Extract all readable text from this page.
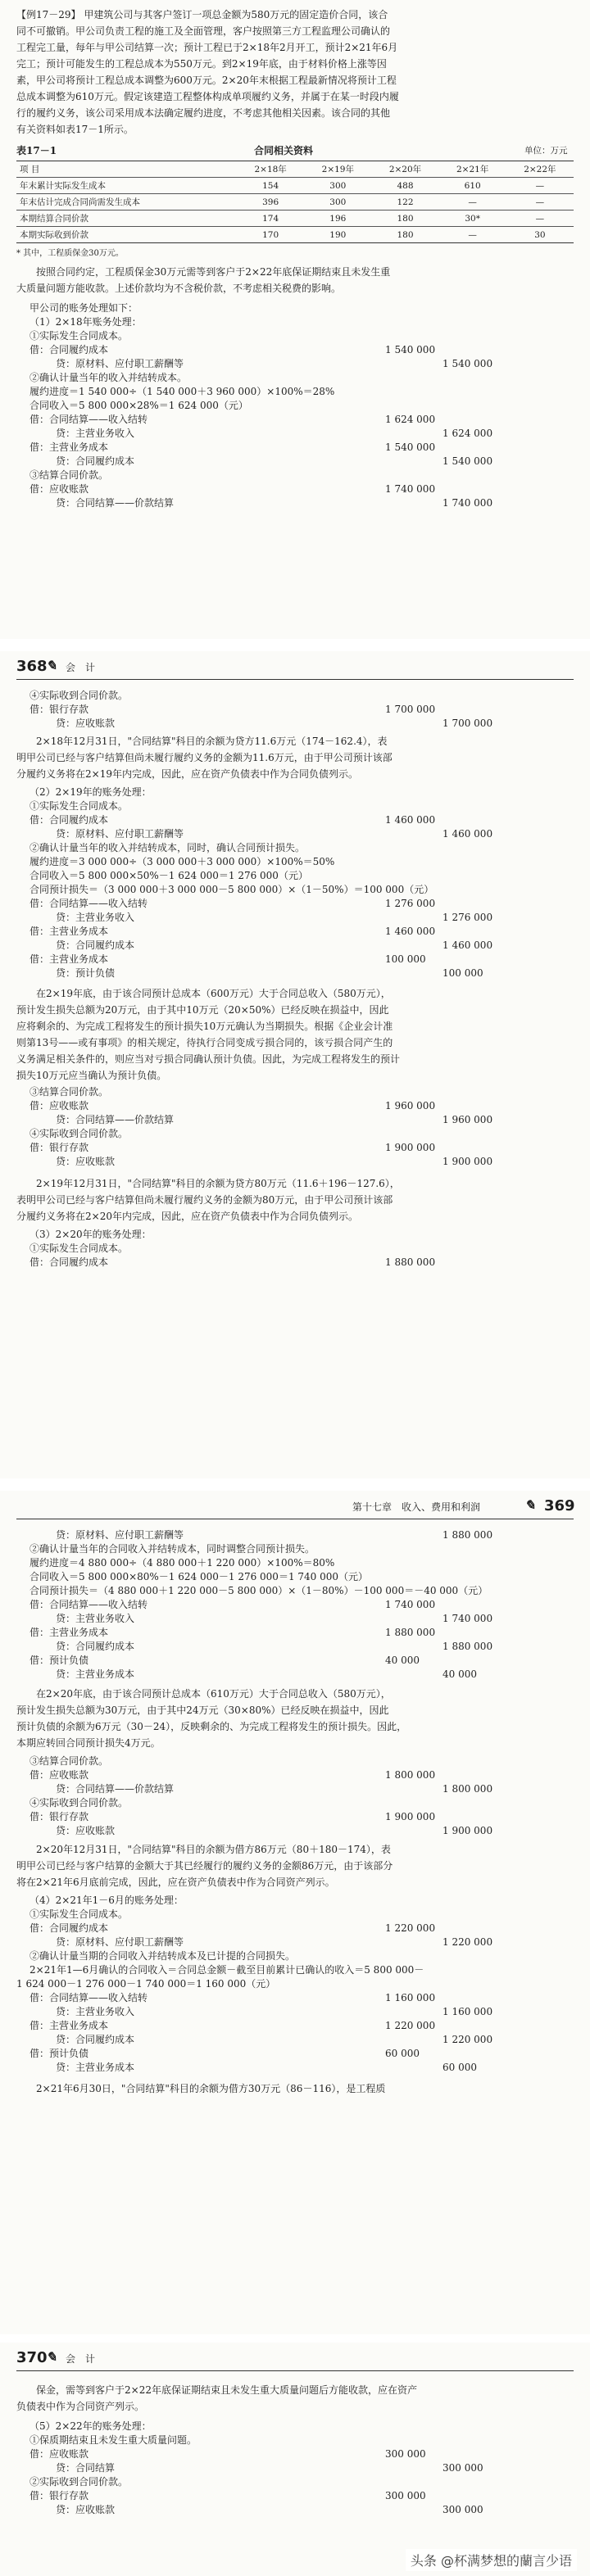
【例17－29】 甲建筑公司与其客户签订一项总金额为580万元的固定造价合同，该合
同不可撤销。甲公司负责工程的施工及全面管理，客户按照第三方工程监理公司确认的
工程完工量，每年与甲公司结算一次；预计工程已于2×18年2月开工，预计2×21年6月
完工；预计可能发生的工程总成本为550万元。到2×19年底，由于材料价格上涨等因
素，甲公司将预计工程总成本调整为600万元。2×20年末根据工程最新情况将预计工程
总成本调整为610万元。假定该建造工程整体构成单项履约义务，并属于在某一时段内履
行的履约义务，该公司采用成本法确定履约进度，不考虑其他相关因素。该合同的其他
有关资料如表17－1所示。
表17－1	合同相关资料	单位：万元
项 目	2×18年	2×19年	2×20年	2×21年	2×22年
年末累计实际发生成本	154	300	488	610	—
年末估计完成合同尚需发生成本	396	300	122	—	—
本期结算合同价款	174	196	180	30*	—
本期实际收到价款	170	190	180	—	30
* 其中，工程质保金30万元。
按照合同约定，工程质保金30万元需等到客户于2×22年底保证期结束且未发生重
大质量问题方能收款。上述价款均为不含税价款，不考虑相关税费的影响。
甲公司的账务处理如下：
（1）2×18年账务处理：
①实际发生合同成本。
借：合同履约成本	1 540 000
贷：原材料、应付职工薪酬等	1 540 000
②确认计量当年的收入并结转成本。
履约进度＝1 540 000÷（1 540 000＋3 960 000）×100%＝28%
合同收入＝5 800 000×28%＝1 624 000（元）
借：合同结算——收入结转	1 624 000
贷：主营业务收入	1 624 000
借：主营业务成本	1 540 000
贷：合同履约成本	1 540 000
③结算合同价款。
借：应收账款	1 740 000
贷：合同结算——价款结算	1 740 000
368
✎ 会　计
④实际收到合同价款。
借：银行存款	1 700 000
贷：应收账款	1 700 000
2×18年12月31日，"合同结算"科目的余额为贷方11.6万元（174－162.4），表
明甲公司已经与客户结算但尚未履行履约义务的金额为11.6万元，由于甲公司预计该部
分履约义务将在2×19年内完成，因此，应在资产负债表中作为合同负债列示。
（2）2×19年的账务处理：
①实际发生合同成本。
借：合同履约成本	1 460 000
贷：原材料、应付职工薪酬等	1 460 000
②确认计量当年的收入并结转成本，同时，确认合同预计损失。
履约进度＝3 000 000÷（3 000 000＋3 000 000）×100%＝50%
合同收入＝5 800 000×50%－1 624 000＝1 276 000（元）
合同预计损失＝（3 000 000＋3 000 000－5 800 000）×（1－50%）＝100 000（元）
借：合同结算——收入结转	1 276 000
贷：主营业务收入	1 276 000
借：主营业务成本	1 460 000
贷：合同履约成本	1 460 000
借：主营业务成本	100 000
贷：预计负债	100 000
在2×19年底，由于该合同预计总成本（600万元）大于合同总收入（580万元），
预计发生损失总额为20万元，由于其中10万元（20×50%）已经反映在损益中，因此
应将剩余的、为完成工程将发生的预计损失10万元确认为当期损失。根据《企业会计准
则第13号——或有事项》的相关规定，待执行合同变成亏损合同的，该亏损合同产生的
义务满足相关条件的，则应当对亏损合同确认预计负债。因此，为完成工程将发生的预计
损失10万元应当确认为预计负债。
③结算合同价款。
借：应收账款	1 960 000
贷：合同结算——价款结算	1 960 000
④实际收到合同价款。
借：银行存款	1 900 000
贷：应收账款	1 900 000
2×19年12月31日，"合同结算"科目的余额为贷方80万元（11.6＋196－127.6），
表明甲公司已经与客户结算但尚未履行履约义务的金额为80万元，由于甲公司预计该部
分履约义务将在2×20年内完成，因此，应在资产负债表中作为合同负债列示。
（3）2×20年的账务处理：
①实际发生合同成本。
借：合同履约成本	1 880 000
第十七章　收入、费用和利润	✎ 369
贷：原材料、应付职工薪酬等	1 880 000
②确认计量当年的合同收入并结转成本，同时调整合同预计损失。
履约进度＝4 880 000÷（4 880 000＋1 220 000）×100%＝80%
合同收入＝5 800 000×80%－1 624 000－1 276 000＝1 740 000（元）
合同预计损失＝（4 880 000＋1 220 000－5 800 000）×（1－80%）－100 000＝－40 000（元）
借：合同结算——收入结转	1 740 000
贷：主营业务收入	1 740 000
借：主营业务成本	1 880 000
贷：合同履约成本	1 880 000
借：预计负债	40 000
贷：主营业务成本	40 000
在2×20年底，由于该合同预计总成本（610万元）大于合同总收入（580万元），
预计发生损失总额为30万元，由于其中24万元（30×80%）已经反映在损益中，因此
预计负债的余额为6万元（30－24），反映剩余的、为完成工程将发生的预计损失。因此，
本期应转回合同预计损失4万元。
③结算合同价款。
借：应收账款	1 800 000
贷：合同结算——价款结算	1 800 000
④实际收到合同价款。
借：银行存款	1 900 000
贷：应收账款	1 900 000
2×20年12月31日，"合同结算"科目的余额为借方86万元（80＋180－174），表
明甲公司已经与客户结算的金额大于其已经履行的履约义务的金额86万元，由于该部分
将在2×21年6月底前完成，因此，应在资产负债表中作为合同资产列示。
（4）2×21年1－6月的账务处理：
①实际发生合同成本。
借：合同履约成本	1 220 000
贷：原材料、应付职工薪酬等	1 220 000
②确认计量当期的合同收入并结转成本及已计提的合同损失。
2×21年1—6月确认的合同收入＝合同总金额－截至目前累计已确认的收入＝5 800 000－
1 624 000－1 276 000－1 740 000＝1 160 000（元）
借：合同结算——收入结转	1 160 000
贷：主营业务收入	1 160 000
借：主营业务成本	1 220 000
贷：合同履约成本	1 220 000
借：预计负债	60 000
贷：主营业务成本	60 000
2×21年6月30日，"合同结算"科目的余额为借方30万元（86－116），是工程质
370
✎ 会　计
保金，需等到客户于2×22年底保证期结束且未发生重大质量问题后方能收款，应在资产
负债表中作为合同资产列示。
（5）2×22年的账务处理：
①保质期结束且未发生重大质量问题。
借：应收账款	300 000
贷：合同结算	300 000
②实际收到合同价款。
借：银行存款	300 000
贷：应收账款	300 000
头条 @杯满梦想的蘭言少语
